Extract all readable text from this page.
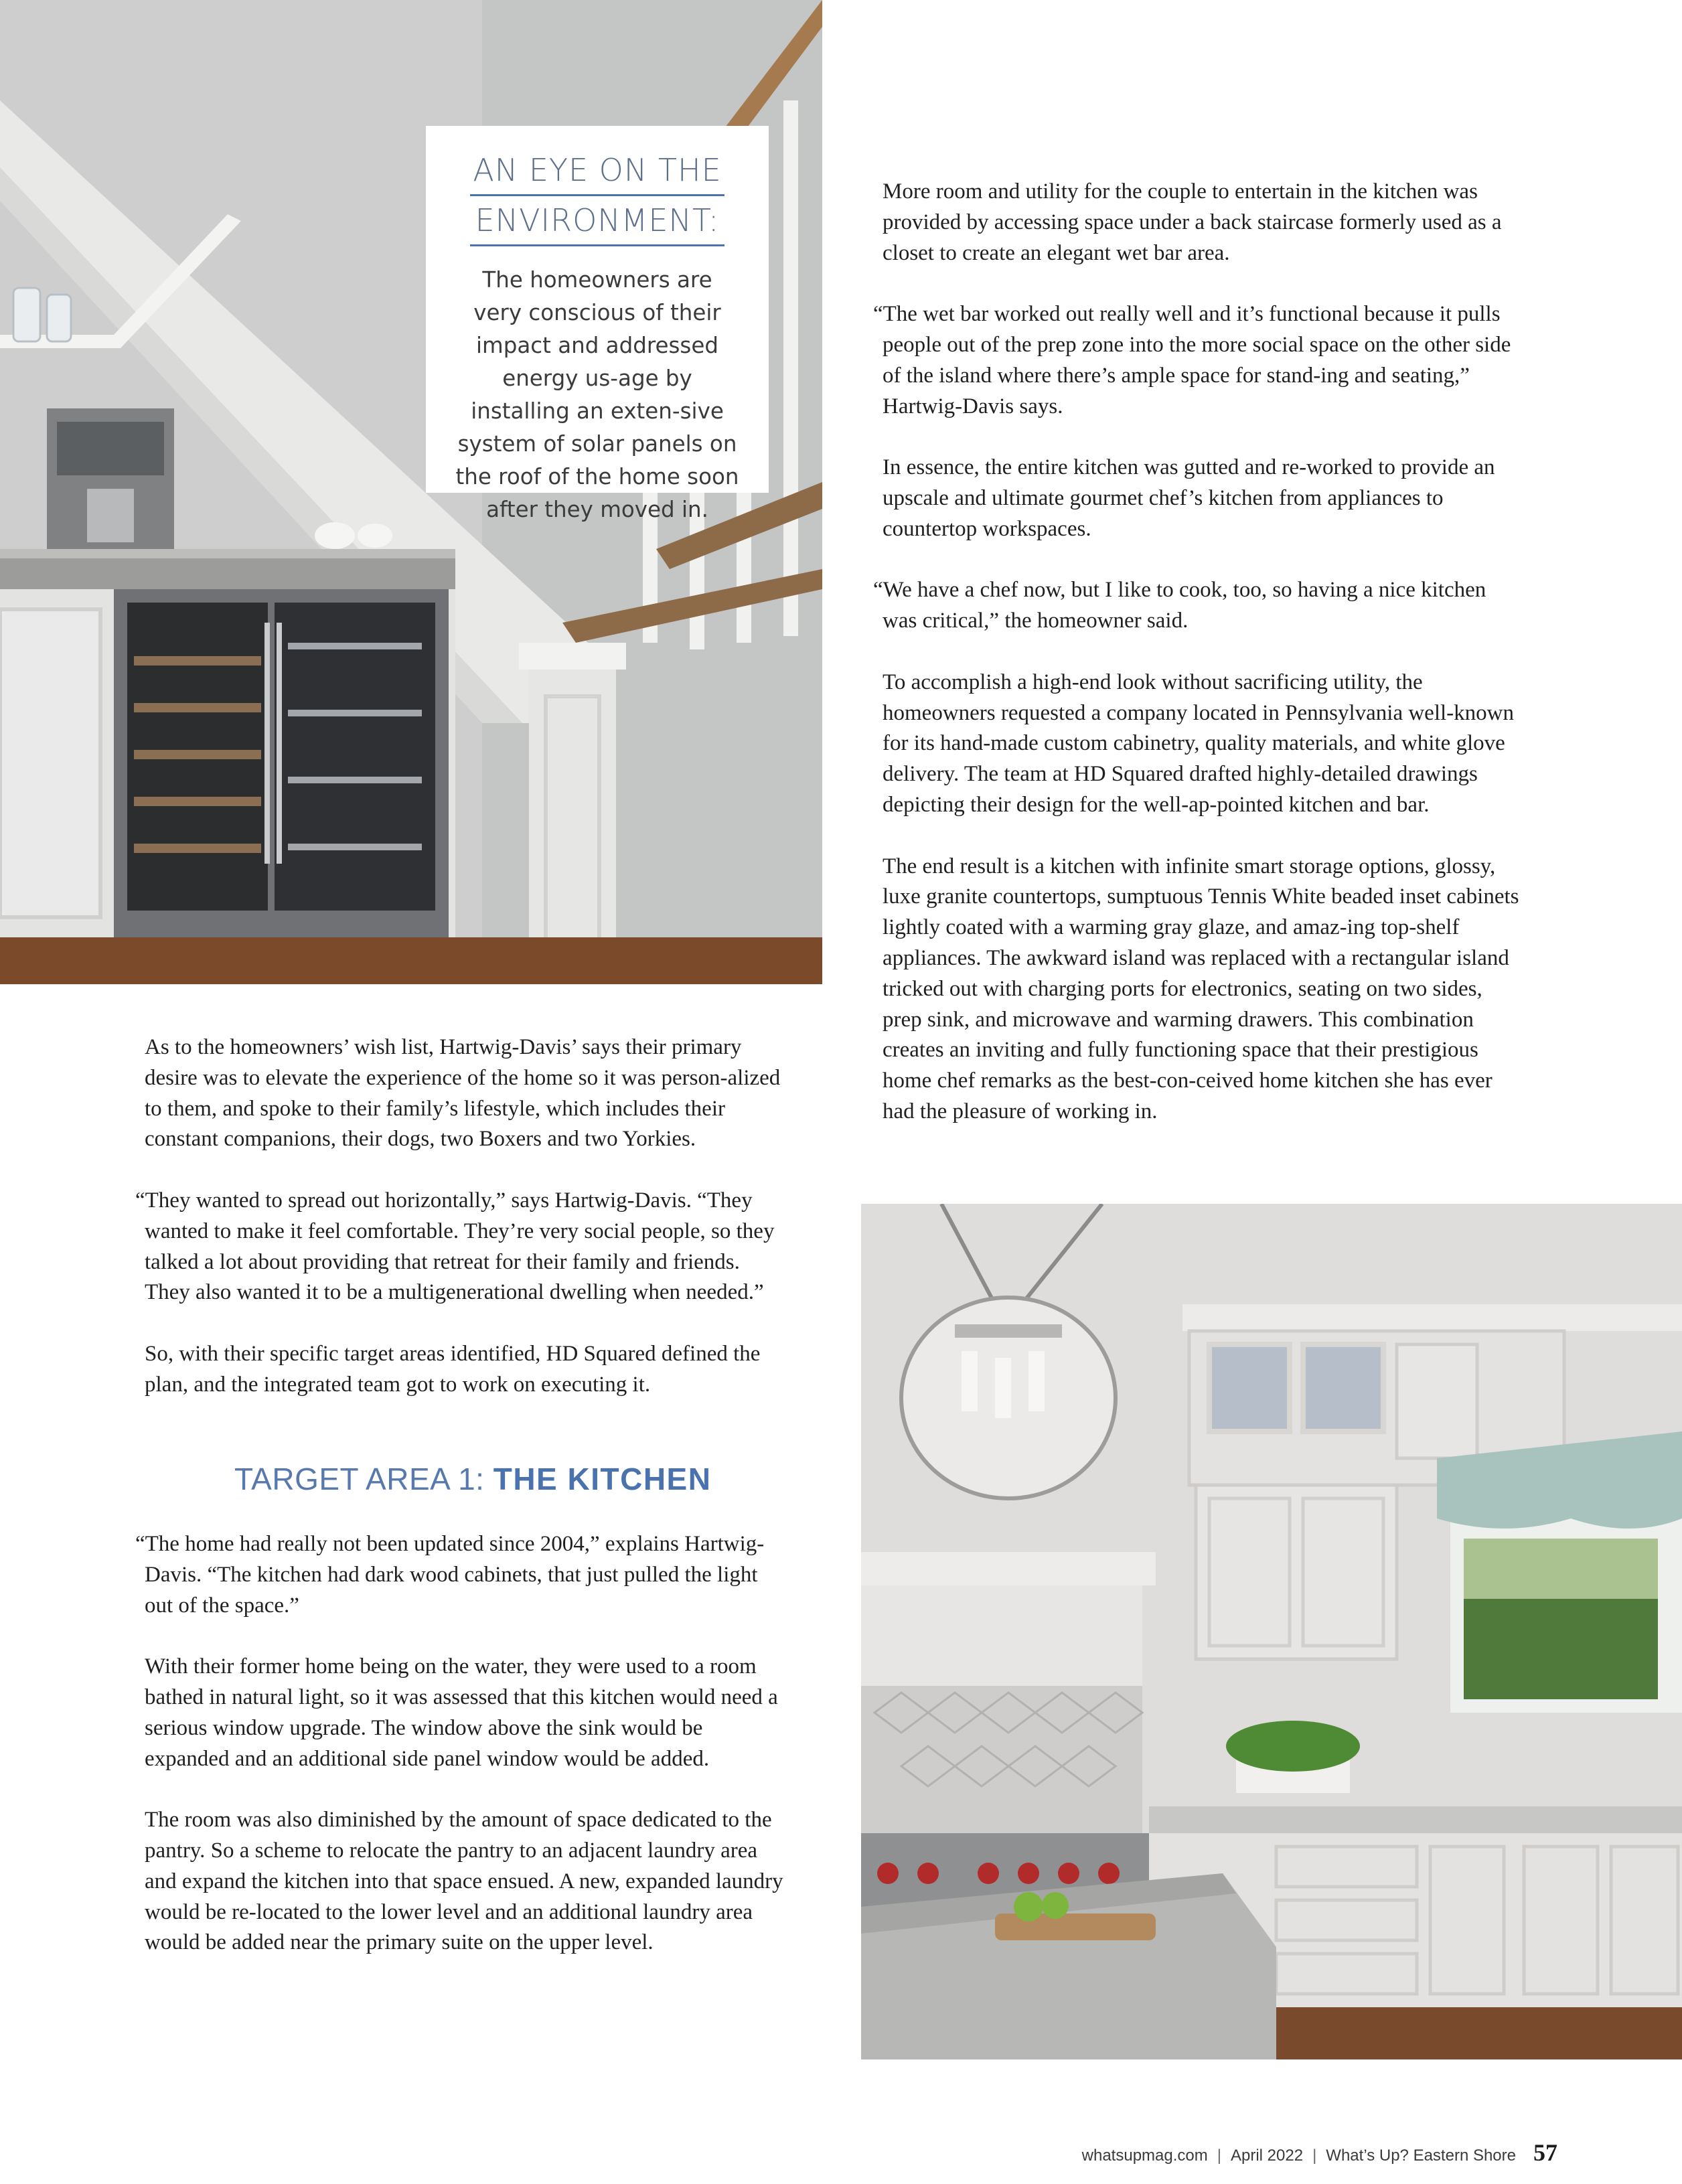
AN EYE ON THE
ENVIRONMENT:
The homeowners are very conscious of their impact and addressed energy us-age by installing an exten-sive system of solar panels on the roof of the home soon after they moved in.

More room and utility for the couple to entertain in the kitchen was provided by accessing space under a back staircase formerly used as a closet to create an elegant wet bar area.

“The wet bar worked out really well and it’s functional because it pulls people out of the prep zone into the more social space on the other side of the island where there’s ample space for stand-ing and seating,” Hartwig-Davis says.

In essence, the entire kitchen was gutted and re-worked to provide an upscale and ultimate gourmet chef’s kitchen from appliances to countertop workspaces.

“We have a chef now, but I like to cook, too, so having a nice kitchen was critical,” the homeowner said.

To accomplish a high-end look without sacrificing utility, the homeowners requested a company located in Pennsylvania well-known for its hand-made custom cabinetry, quality materials, and white glove delivery. The team at HD Squared drafted highly-detailed drawings depicting their design for the well-ap-pointed kitchen and bar.

The end result is a kitchen with infinite smart storage options, glossy, luxe granite countertops, sumptuous Tennis White beaded inset cabinets lightly coated with a warming gray glaze, and amaz-ing top-shelf appliances. The awkward island was replaced with a rectangular island tricked out with charging ports for electronics, seating on two sides, prep sink, and microwave and warming drawers. This combination creates an inviting and fully functioning space that their prestigious home chef remarks as the best-con-ceived home kitchen she has ever had the pleasure of working in.

As to the homeowners’ wish list, Hartwig-Davis’ says their primary desire was to elevate the experience of the home so it was person-alized to them, and spoke to their family’s lifestyle, which includes their constant companions, their dogs, two Boxers and two Yorkies.

“They wanted to spread out horizontally,” says Hartwig-Davis. “They wanted to make it feel comfortable. They’re very social people, so they talked a lot about providing that retreat for their family and friends. They also wanted it to be a multigenerational dwelling when needed.”

So, with their specific target areas identified, HD Squared defined the plan, and the integrated team got to work on executing it.

TARGET AREA 1: THE KITCHEN

“The home had really not been updated since 2004,” explains Hartwig-Davis. “The kitchen had dark wood cabinets, that just pulled the light out of the space.”

With their former home being on the water, they were used to a room bathed in natural light, so it was assessed that this kitchen would need a serious window upgrade. The window above the sink would be expanded and an additional side panel window would be added.

The room was also diminished by the amount of space dedicated to the pantry. So a scheme to relocate the pantry to an adjacent laundry area and expand the kitchen into that space ensued. A new, expanded laundry would be re-located to the lower level and an additional laundry area would be added near the primary suite on the upper level.

whatsupmag.com | April 2022 | What’s Up? Eastern Shore 57
